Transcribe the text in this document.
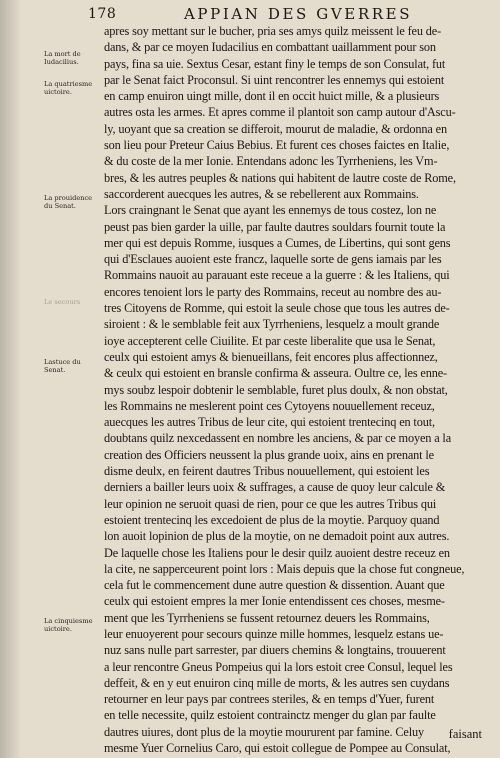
178	APPIAN DES GVERRES
La mort de Iudacilius.
La quatriesme uictoire.
La prouidence du Senat.
Le secours
Lastuce du Senat.
La cinquiesme uictoire.
apres soy mettant sur le bucher, pria ses amys quilz meissent le feu de-
dans, & par ce moyen Iudacilius en combattant uaillamment pour son
pays, fina sa uie. Sextus Cesar, estant finy le temps de son Consulat, fut
par le Senat faict Proconsul. Si uint rencontrer les ennemys qui estoient
en camp enuiron uingt mille, dont il en occit huict mille, & a plusieurs
autres osta les armes. Et apres comme il plantoit son camp autour d'Ascu-
ly, uoyant que sa creation se differoit, mourut de maladie, & ordonna en
son lieu pour Preteur Caius Bebius. Et furent ces choses faictes en Italie,
& du coste de la mer Ionie. Entendans adonc les Tyrrheniens, les Vm-
bres, & les autres peuples & nations qui habitent de lautre coste de Rome,
saccorderent auecques les autres, & se rebellerent aux Rommains.
Lors craingnant le Senat que ayant les ennemys de tous costez, lon ne
peust pas bien garder la uille, par faulte dautres souldars fournit toute la
mer qui est depuis Romme, iusques a Cumes, de Libertins, qui sont gens
qui d'Esclaues auoient este francz, laquelle sorte de gens iamais par les
Rommains nauoit au parauant este receue a la guerre : & les Italiens, qui
encores tenoient lors le party des Rommains, receut au nombre des au-
tres Citoyens de Romme, qui estoit la seule chose que tous les autres de-
siroient : & le semblable feit aux Tyrrheniens, lesquelz a moult grande
ioye accepterent celle Ciuilite. Et par ceste liberalite que usa le Senat,
ceulx qui estoient amys & bienueillans, feit encores plus affectionnez,
& ceulx qui estoient en bransle confirma & asseura. Oultre ce, les enne-
mys soubz lespoir dobtenir le semblable, furet plus doulx, & non obstat,
les Rommains ne meslerent point ces Cytoyens nouuellement receuz,
auecques les autres Tribus de leur cite, qui estoient trentecinq en tout,
doubtans quilz nexcedassent en nombre les anciens, & par ce moyen a la
creation des Officiers neussent la plus grande uoix, ains en prenant le
disme deulx, en feirent dautres Tribus nouuellement, qui estoient les
derniers a bailler leurs uoix & suffrages, a cause de quoy leur calcule &
leur opinion ne seruoit quasi de rien, pour ce que les autres Tribus qui
estoient trentecinq les excedoient de plus de la moytie. Parquoy quand
lon auoit lopinion de plus de la moytie, on ne demadoit point aux autres.
De laquelle chose les Italiens pour le desir quilz auoient destre receuz en
la cite, ne sapperceurent point lors : Mais depuis que la chose fut congneue,
cela fut le commencement dune autre question & dissention. Auant que
ceulx qui estoient empres la mer Ionie entendissent ces choses, mesme-
ment que les Tyrrheniens se fussent retournez deuers les Rommains,
leur enuoyerent pour secours quinze mille hommes, lesquelz estans ue-
nuz sans nulle part sarrester, par diuers chemins & longtains, trouuerent
a leur rencontre Gneus Pompeius qui la lors estoit cree Consul, lequel les
deffeit, & en y eut enuiron cinq mille de morts, & les autres sen cuydans
retourner en leur pays par contrees steriles, & en temps d'Yuer, furent
en telle necessite, quilz estoient contrainctz menger du glan par faulte
dautres uiures, dont plus de la moytie moururent par famine. Celuy
mesme Yuer Cornelius Caro, qui estoit collegue de Pompee au Consulat,
faisant
